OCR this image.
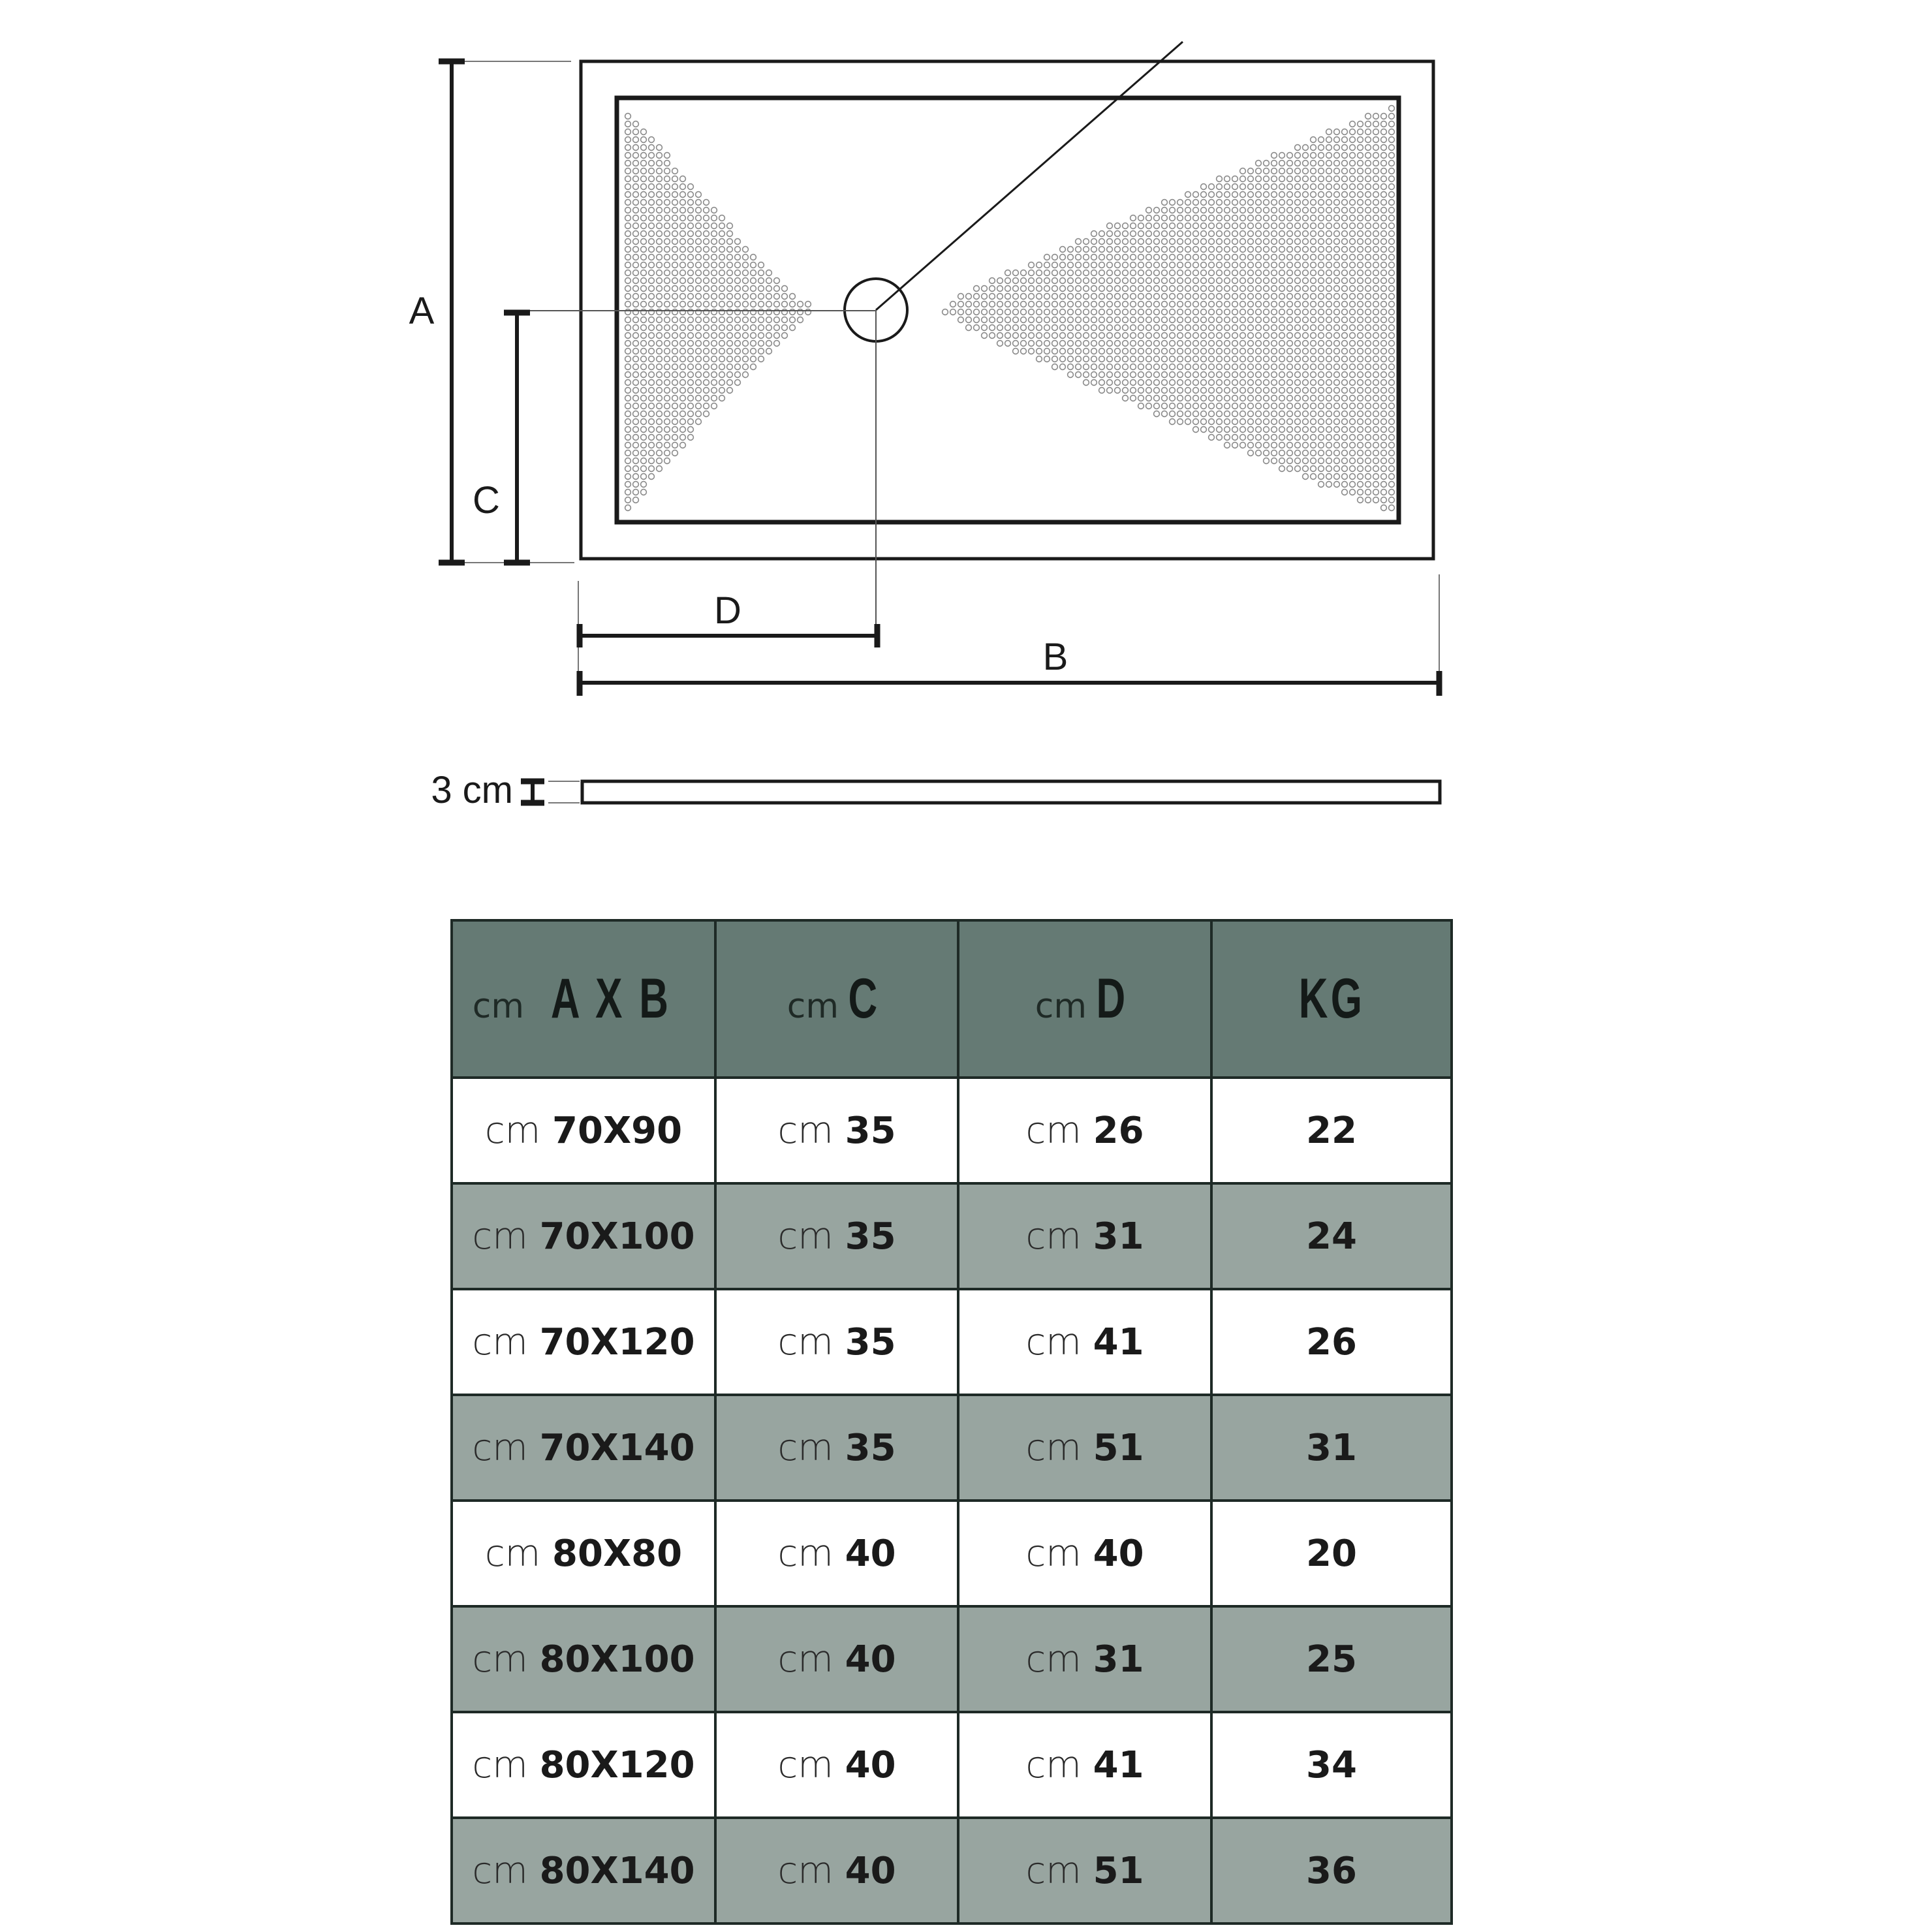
A
C
D
B
3 cm
cm A X B	cm C	cm D	KG
cm 70X90	cm 35	cm 26	22
cm 70X100	cm 35	cm 31	24
cm 70X120	cm 35	cm 41	26
cm 70X140	cm 35	cm 51	31
cm 80X80	cm 40	cm 40	20
cm 80X100	cm 40	cm 31	25
cm 80X120	cm 40	cm 41	34
cm 80X140	cm 40	cm 51	36
